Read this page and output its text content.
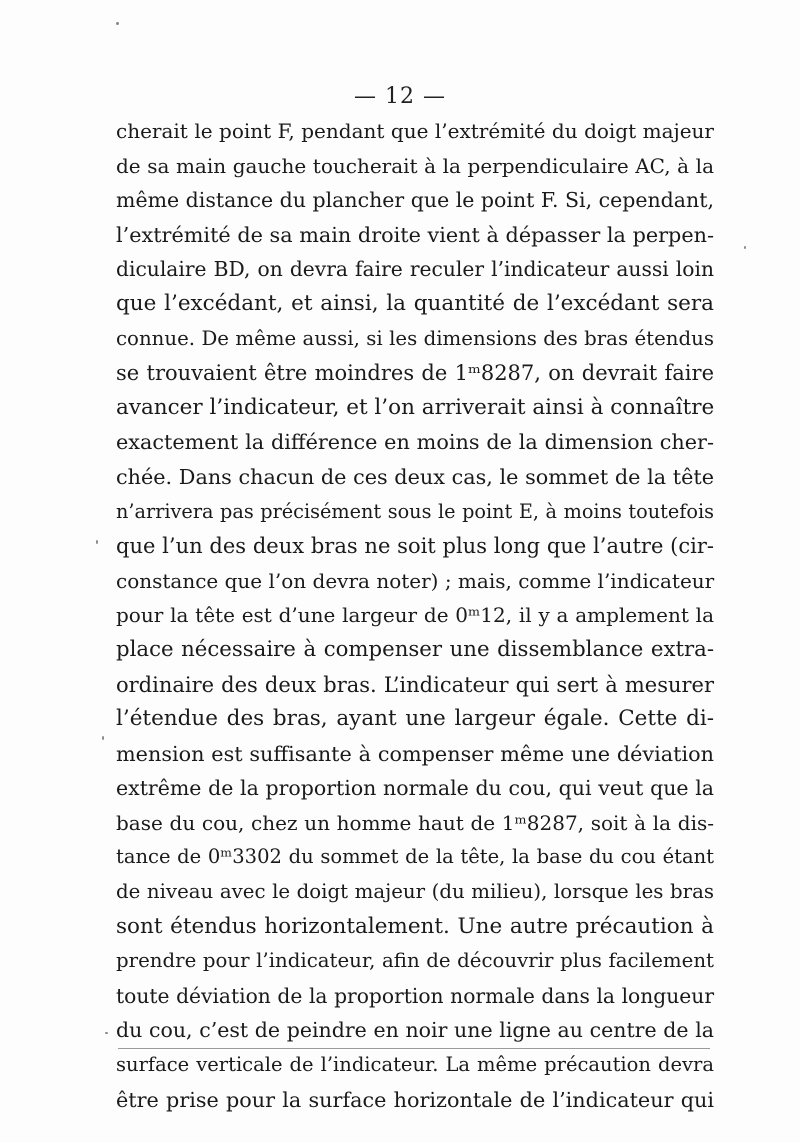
— 12 —
cherait le point F, pendant que l’extrémité du doigt majeur
de sa main gauche toucherait à la perpendiculaire AC, à la
même distance du plancher que le point F. Si, cependant,
l’extrémité de sa main droite vient à dépasser la perpen-
diculaire BD, on devra faire reculer l’indicateur aussi loin
que l’excédant, et ainsi, la quantité de l’excédant sera
connue. De même aussi, si les dimensions des bras étendus
se trouvaient être moindres de 1ᵐ8287, on devrait faire
avancer l’indicateur, et l’on arriverait ainsi à connaître
exactement la différence en moins de la dimension cher-
chée. Dans chacun de ces deux cas, le sommet de la tête
n’arrivera pas précisément sous le point E, à moins toutefois
que l’un des deux bras ne soit plus long que l’autre (cir-
constance que l’on devra noter) ; mais, comme l’indicateur
pour la tête est d’une largeur de 0ᵐ12, il y a amplement la
place nécessaire à compenser une dissemblance extra-
ordinaire des deux bras. L’indicateur qui sert à mesurer
l’étendue des bras, ayant une largeur égale. Cette di-
mension est suffisante à compenser même une déviation
extrême de la proportion normale du cou, qui veut que la
base du cou, chez un homme haut de 1ᵐ8287, soit à la dis-
tance de 0ᵐ3302 du sommet de la tête, la base du cou étant
de niveau avec le doigt majeur (du milieu), lorsque les bras
sont étendus horizontalement. Une autre précaution à
prendre pour l’indicateur, afin de découvrir plus facilement
toute déviation de la proportion normale dans la longueur
du cou, c’est de peindre en noir une ligne au centre de la
surface verticale de l’indicateur. La même précaution devra
être prise pour la surface horizontale de l’indicateur qui
